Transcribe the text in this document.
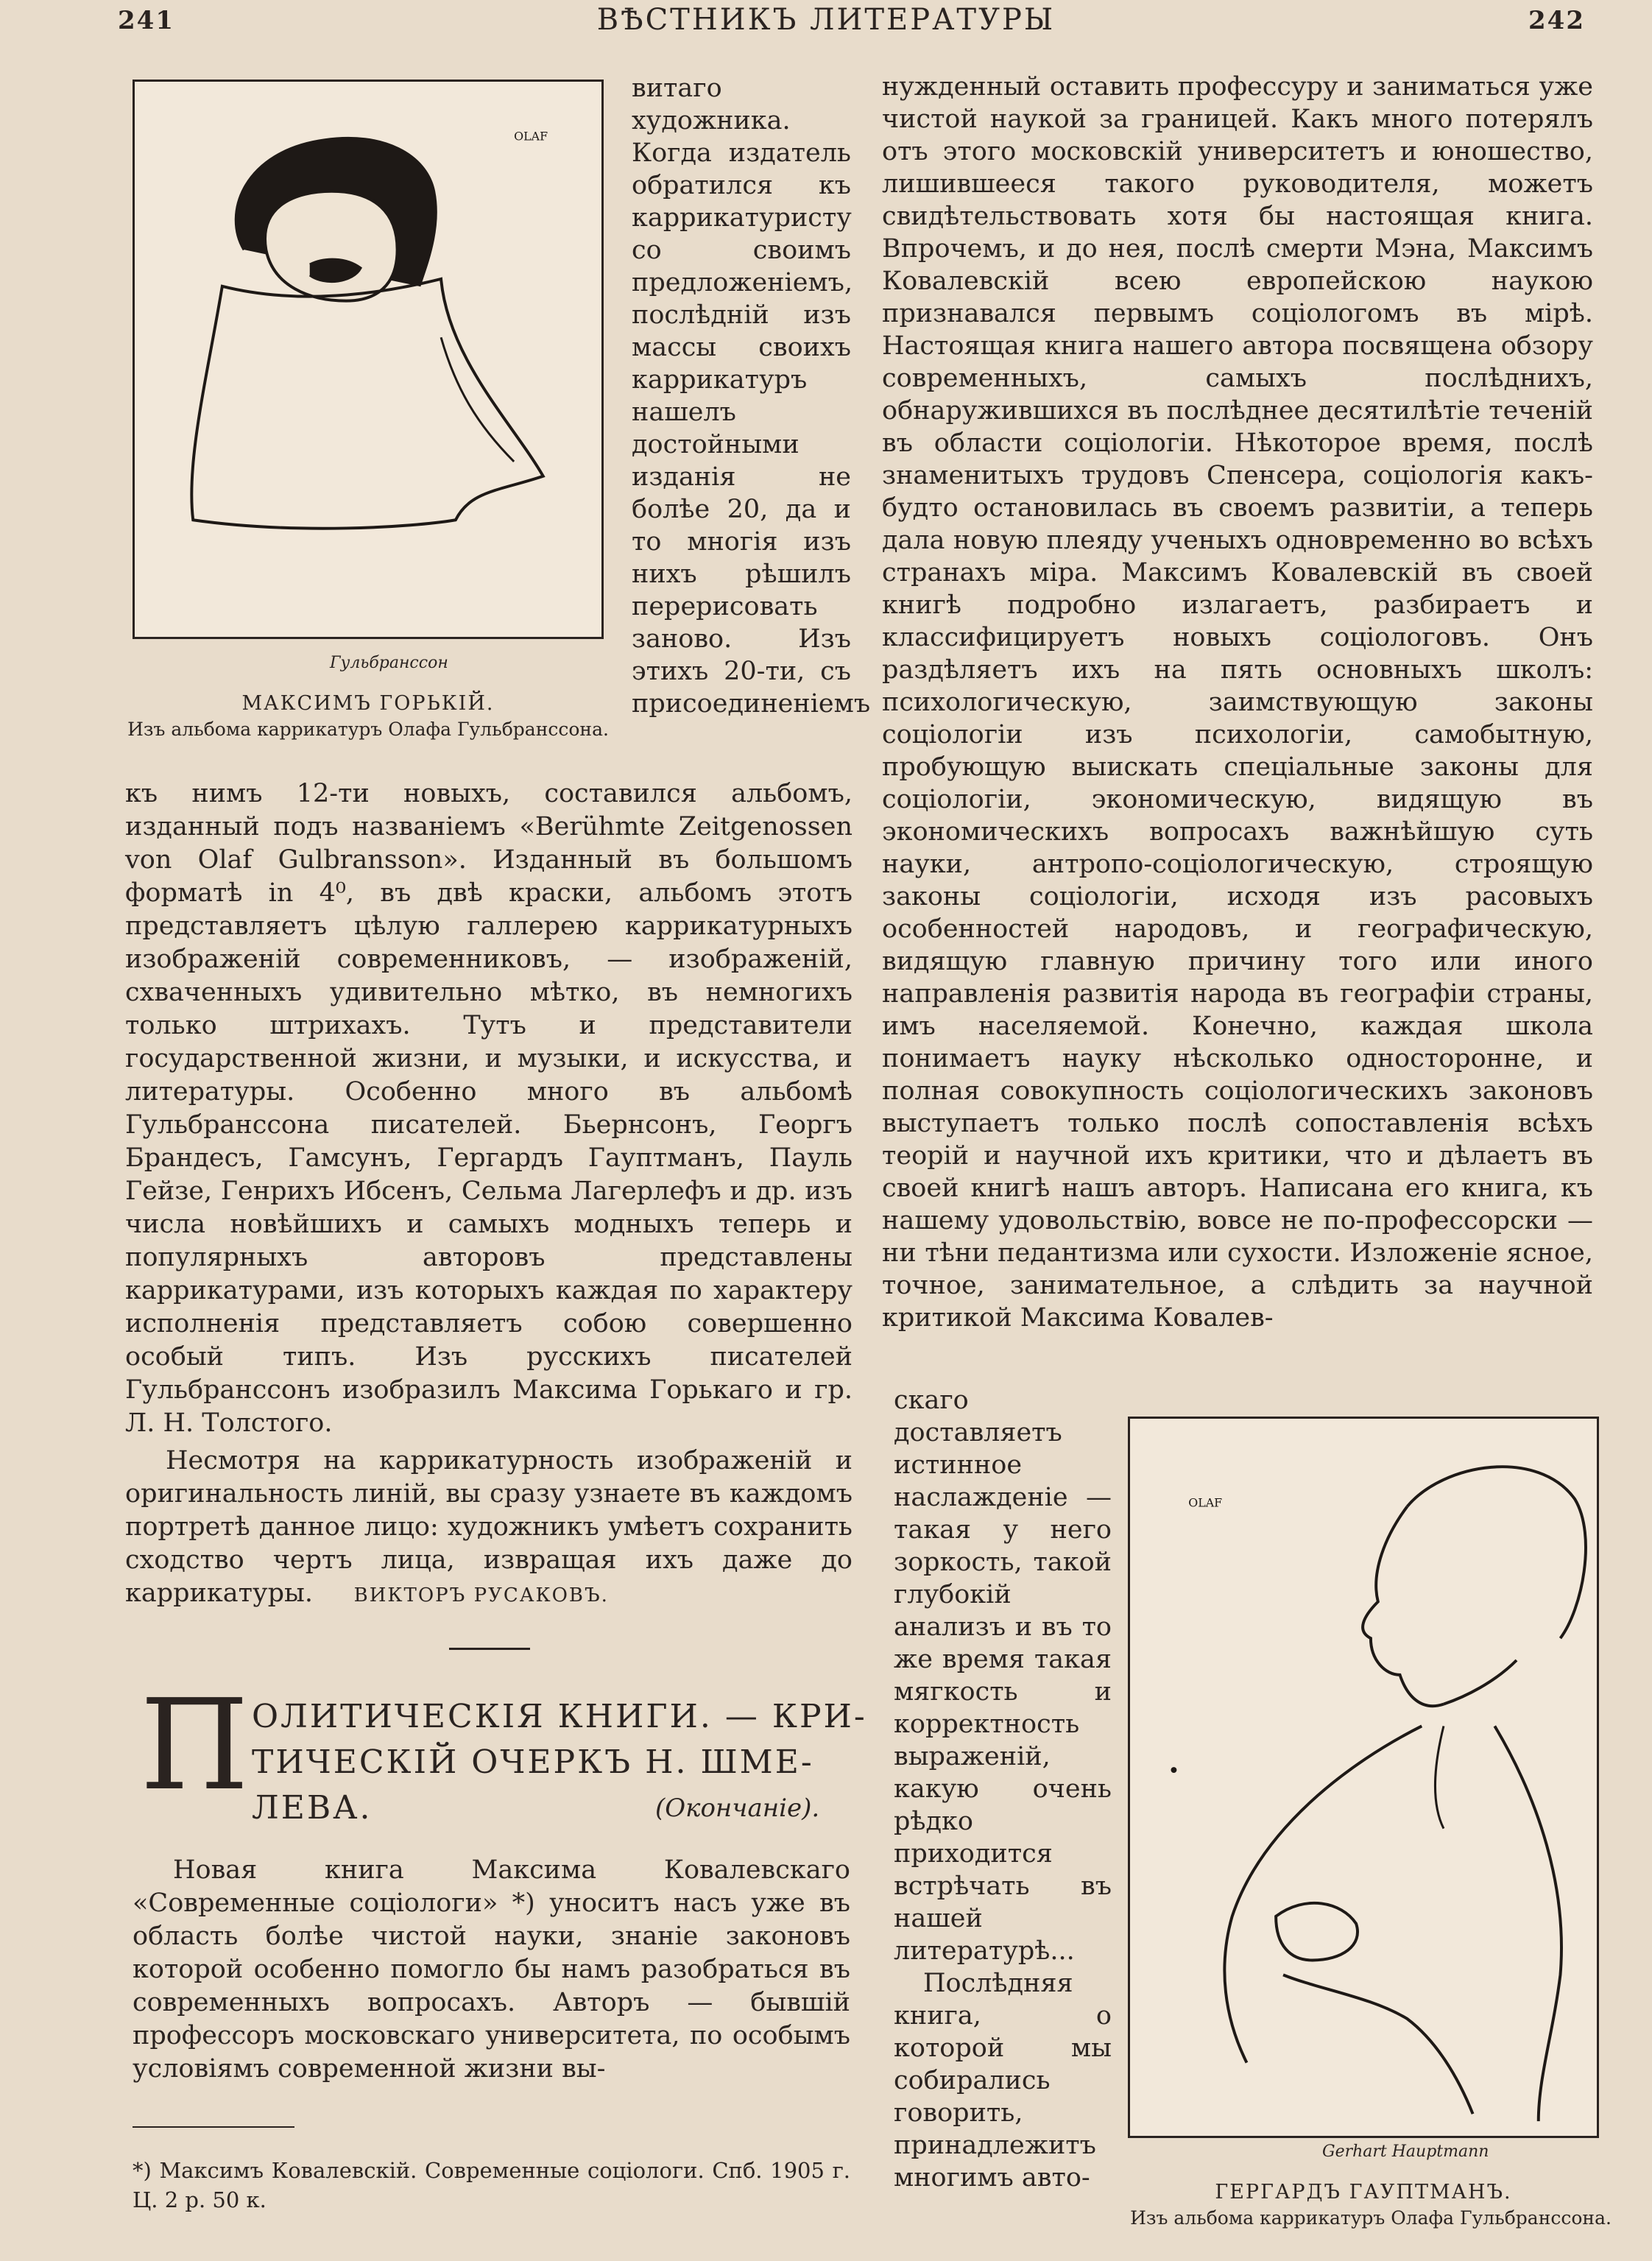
241	ВѢСТНИКЪ ЛИТЕРАТУРЫ	242
OLAF
Гульбранссон
МАКСИМЪ ГОРЬКІЙ.
Изъ альбома каррикатуръ Олафа Гульбранссона.

витаго художника. Когда издатель обратился къ каррикатуристу со своимъ предложеніемъ, послѣдній изъ массы своихъ каррикатуръ нашелъ достойными изданія не болѣе 20, да и то многія изъ нихъ рѣшилъ перерисовать заново. Изъ этихъ 20-ти, съ присоединеніемъ

къ нимъ 12-ти новыхъ, составился альбомъ, изданный подъ названіемъ «Berühmte Zeitgenossen von Olaf Gulbransson». Изданный въ большомъ форматѣ in 4⁰, въ двѣ краски, альбомъ этотъ представляетъ цѣлую галлерею каррикатурныхъ изображеній современниковъ, — изображеній, схваченныхъ удивительно мѣтко, въ немногихъ только штрихахъ. Тутъ и представители государственной жизни, и музыки, и искусства, и литературы. Особенно много въ альбомѣ Гульбранссона писателей. Бьернсонъ, Георгъ Брандесъ, Гамсунъ, Гергардъ Гауптманъ, Пауль Гейзе, Генрихъ Ибсенъ, Сельма Лагерлефъ и др. изъ числа новѣйшихъ и самыхъ модныхъ теперь и популярныхъ авторовъ представлены каррикатурами, изъ которыхъ каждая по характеру исполненія представляетъ собою совершенно особый типъ. Изъ русскихъ писателей Гульбранссонъ изобразилъ Максима Горькаго и гр. Л. Н. Толстого.

Несмотря на каррикатурность изображеній и оригинальность линій, вы сразу узнаете въ каждомъ портретѣ данное лицо: художникъ умѣетъ сохранить сходство чертъ лица, извращая ихъ даже до каррикатуры. ВИКТОРЪ РУСАКОВЪ.

П ОЛИТИЧЕСКІЯ КНИГИ. — КРИ-
ТИЧЕСКІЙ ОЧЕРКЪ Н. ШМЕ-
ЛЕВА.	(Окончаніе).

Новая книга Максима Ковалевскаго «Современные соціологи» *) уноситъ насъ уже въ область болѣе чистой науки, знаніе законовъ которой особенно помогло бы намъ разобраться въ современныхъ вопросахъ. Авторъ — бывшій профессоръ московскаго университета, по особымъ условіямъ современной жизни вы-

*) Максимъ Ковалевскій. Современные соціологи. Спб. 1905 г. Ц. 2 р. 50 к.

нужденный оставить профессуру и заниматься уже чистой наукой за границей. Какъ много потерялъ отъ этого московскій университетъ и юношество, лишившееся такого руководителя, можетъ свидѣтельствовать хотя бы настоящая книга. Впрочемъ, и до нея, послѣ смерти Мэна, Максимъ Ковалевскій всею европейскою наукою признавался первымъ соціологомъ въ мірѣ. Настоящая книга нашего автора посвящена обзору современныхъ, самыхъ послѣднихъ, обнаружившихся въ послѣднее десятилѣтіе теченій въ области соціологіи. Нѣкоторое время, послѣ знаменитыхъ трудовъ Спенсера, соціологія какъ-будто остановилась въ своемъ развитіи, а теперь дала новую плеяду ученыхъ одновременно во всѣхъ странахъ міра. Максимъ Ковалевскій въ своей книгѣ подробно излагаетъ, разбираетъ и классифицируетъ новыхъ соціологовъ. Онъ раздѣляетъ ихъ на пять основныхъ школъ: психологическую, заимствующую законы соціологіи изъ психологіи, самобытную, пробующую выискать спеціальные законы для соціологіи, экономическую, видящую въ экономическихъ вопросахъ важнѣйшую суть науки, антропо-соціологическую, строящую законы соціологіи, исходя изъ расовыхъ особенностей народовъ, и географическую, видящую главную причину того или иного направленія развитія народа въ географіи страны, имъ населяемой. Конечно, каждая школа понимаетъ науку нѣсколько односторонне, и полная совокупность соціологическихъ законовъ выступаетъ только послѣ сопоставленія всѣхъ теорій и научной ихъ критики, что и дѣлаетъ въ своей книгѣ нашъ авторъ. Написана его книга, къ нашему удовольствію, вовсе не по-профессорски — ни тѣни педантизма или сухости. Изложеніе ясное, точное, занимательное, а слѣдить за научной критикой Максима Ковалев-

OLAF
Gerhart Hauptmann
ГЕРГАРДЪ ГАУПТМАНЪ.
Изъ альбома каррикатуръ Олафа Гульбранссона.

скаго доставляетъ истинное наслажденіе — такая у него зоркость, такой глубокій анализъ и въ то же время такая мягкость и корректность выраженій, какую очень рѣдко приходится встрѣчать въ нашей литературѣ...

Послѣдняя книга, о которой мы собирались говорить, принадлежитъ многимъ авто-
